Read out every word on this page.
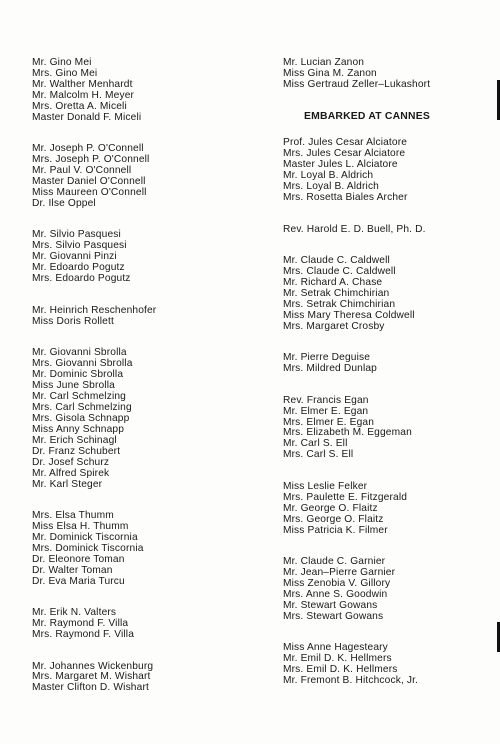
Mr. Gino Mei
Mrs. Gino Mei
Mr. Walther Menhardt
Mr. Malcolm H. Meyer
Mrs. Oretta A. Miceli
Master Donald F. Miceli
Mr. Joseph P. O'Connell
Mrs. Joseph P. O'Connell
Mr. Paul V. O'Connell
Master Daniel O'Connell
Miss Maureen O'Connell
Dr. Ilse Oppel
Mr. Silvio Pasquesi
Mrs. Silvio Pasquesi
Mr. Giovanni Pinzi
Mr. Edoardo Pogutz
Mrs. Edoardo Pogutz
Mr. Heinrich Reschenhofer
Miss Doris Rollett
Mr. Giovanni Sbrolla
Mrs. Giovanni Sbrolla
Mr. Dominic Sbrolla
Miss June Sbrolla
Mr. Carl Schmelzing
Mrs. Carl Schmelzing
Mrs. Gisola Schnapp
Miss Anny Schnapp
Mr. Erich Schinagl
Dr. Franz Schubert
Dr. Josef Schurz
Mr. Alfred Spirek
Mr. Karl Steger
Mrs. Elsa Thumm
Miss Elsa H. Thumm
Mr. Dominick Tiscornia
Mrs. Dominick Tiscornia
Dr. Eleonore Toman
Dr. Walter Toman
Dr. Eva Maria Turcu
Mr. Erik N. Valters
Mr. Raymond F. Villa
Mrs. Raymond F. Villa
Mr. Johannes Wickenburg
Mrs. Margaret M. Wishart
Master Clifton D. Wishart
Mr. Lucian Zanon
Miss Gina M. Zanon
Miss Gertraud Zeller–Lukashort
EMBARKED AT CANNES
Prof. Jules Cesar Alciatore
Mrs. Jules Cesar Alciatore
Master Jules L. Alciatore
Mr. Loyal B. Aldrich
Mrs. Loyal B. Aldrich
Mrs. Rosetta Biales Archer
Rev. Harold E. D. Buell, Ph. D.
Mr. Claude C. Caldwell
Mrs. Claude C. Caldwell
Mr. Richard A. Chase
Mr. Setrak Chimchirian
Mrs. Setrak Chimchirian
Miss Mary Theresa Coldwell
Mrs. Margaret Crosby
Mr. Pierre Deguise
Mrs. Mildred Dunlap
Rev. Francis Egan
Mr. Elmer E. Egan
Mrs. Elmer E. Egan
Mrs. Elizabeth M. Eggeman
Mr. Carl S. Ell
Mrs. Carl S. Ell
Miss Leslie Felker
Mrs. Paulette E. Fitzgerald
Mr. George O. Flaitz
Mrs. George O. Flaitz
Miss Patricia K. Filmer
Mr. Claude C. Garnier
Mr. Jean–Pierre Garnier
Miss Zenobia V. Gillory
Mrs. Anne S. Goodwin
Mr. Stewart Gowans
Mrs. Stewart Gowans
Miss Anne Hagesteary
Mr. Emil D. K. Hellmers
Mrs. Emil D. K. Hellmers
Mr. Fremont B. Hitchcock, Jr.
